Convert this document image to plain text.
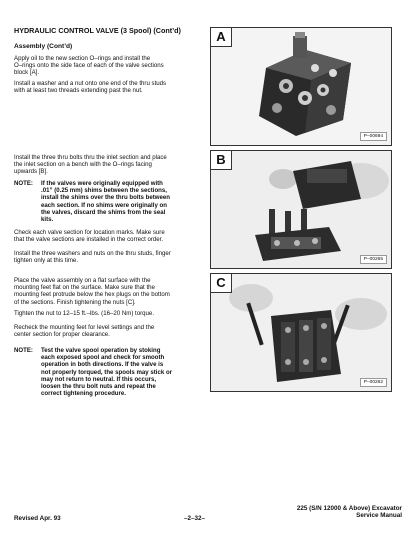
HYDRAULIC CONTROL VALVE (3 Spool) (Cont’d)
Assembly (Cont’d)
Apply oil to the new section O–rings and install the
O–rings onto the side face of each of the valve sections
block [A].
Install a washer and a nut onto one end of the thru studs
with at least two threads extending past the nut.
Install the three thru bolts thru the inlet section and place
the inlet section on a bench with the O–rings facing
upwards [B].
NOTE: If the valves were originally equipped with
.01” (0.25 mm) shims between the sections,
install the shims over the thru bolts between
each section. If no shims were originally on
the valves, discard the shims from the seal
kits.
Check each valve section for location marks. Make sure
that the valve sections are installed in the correct order.
Install the three washers and nuts on the thru studs, finger
tighten only at this time.
Place the valve assembly on a flat surface with the
mounting feet flat on the surface. Make sure that the
mounting feet protrude below the hex plugs on the bottom
of the sections. Finish tightening the nuts [C].
Tighten the nut to 12–15 ft.–lbs. (16–20 Nm) torque.
Recheck the mounting feet for level settings and the
center section for proper clearance.
NOTE: Test the valve spool operation by stoking
each exposed spool and check for smooth
operation in both directions. If the valve is
not properly torqued, the spools may stick or
may not return to neutral. If this occurs,
loosen the thru bolt nuts and repeat the
correct tightening procedure.
A
P–00694
B
P–00265
C
P–00262
Revised Apr. 93	–2–32–
225 (S/N 12000 & Above) Excavator
Service Manual
